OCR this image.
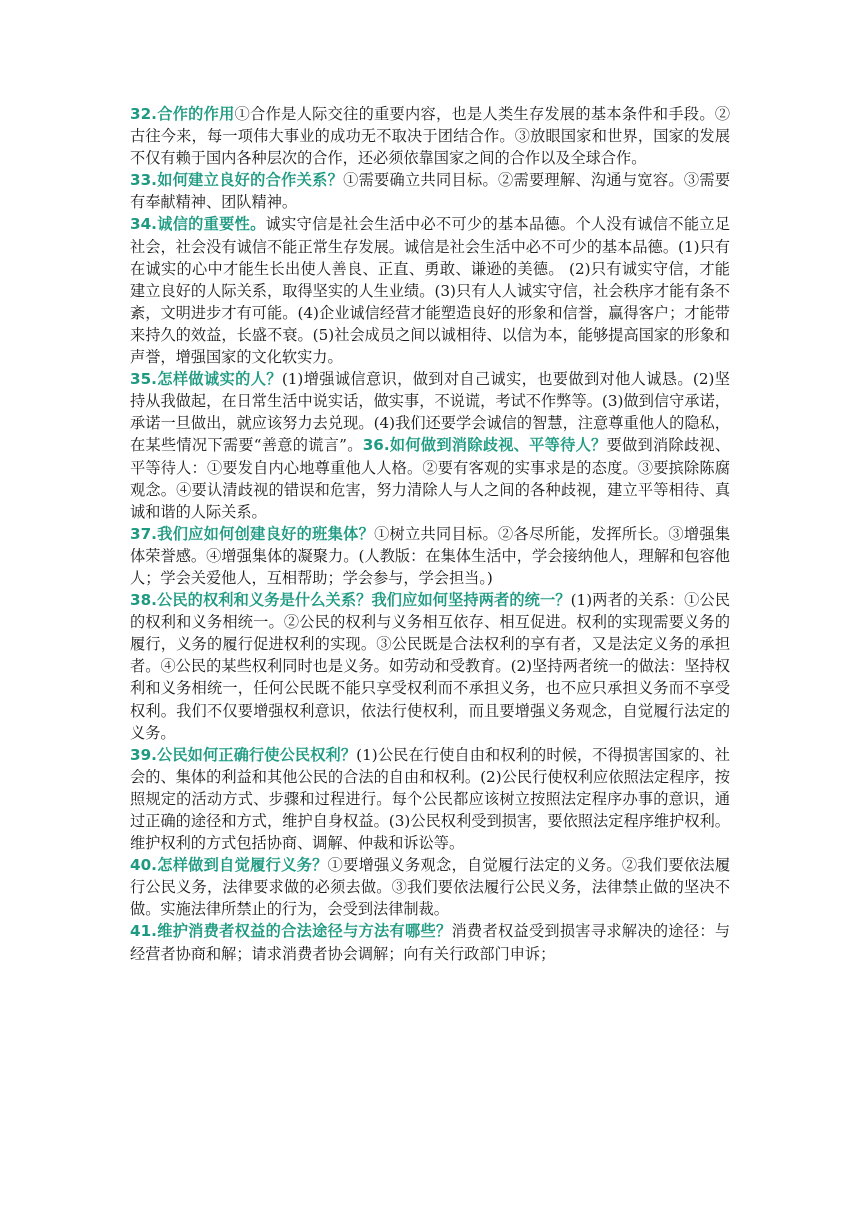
32.合作的作用①合作是人际交往的重要内容，也是人类生存发展的基本条件和手段。②古往今来，每一项伟大事业的成功无不取决于团结合作。③放眼国家和世界，国家的发展不仅有赖于国内各种层次的合作，还必须依靠国家之间的合作以及全球合作。

33.如何建立良好的合作关系？①需要确立共同目标。②需要理解、沟通与宽容。③需要有奉献精神、团队精神。

34.诚信的重要性。诚实守信是社会生活中必不可少的基本品德。个人没有诚信不能立足社会，社会没有诚信不能正常生存发展。诚信是社会生活中必不可少的基本品德。(1)只有在诚实的心中才能生长出使人善良、正直、勇敢、谦逊的美德。 (2)只有诚实守信，才能建立良好的人际关系，取得坚实的人生业绩。(3)只有人人诚实守信，社会秩序才能有条不紊，文明进步才有可能。(4)企业诚信经营才能塑造良好的形象和信誉，赢得客户；才能带来持久的效益，长盛不衰。(5)社会成员之间以诚相待、以信为本，能够提高国家的形象和声誉，增强国家的文化软实力。

35.怎样做诚实的人？(1)增强诚信意识，做到对自己诚实，也要做到对他人诚恳。(2)坚持从我做起，在日常生活中说实话，做实事，不说谎，考试不作弊等。(3)做到信守承诺，承诺一旦做出，就应该努力去兑现。(4)我们还要学会诚信的智慧，注意尊重他人的隐私，在某些情况下需要“善意的谎言”。36.如何做到消除歧视、平等待人？要做到消除歧视、平等待人：①要发自内心地尊重他人人格。②要有客观的实事求是的态度。③要摈除陈腐观念。④要认清歧视的错误和危害，努力清除人与人之间的各种歧视，建立平等相待、真诚和谐的人际关系。

37.我们应如何创建良好的班集体？①树立共同目标。②各尽所能，发挥所长。③增强集体荣誉感。④增强集体的凝聚力。(人教版：在集体生活中，学会接纳他人，理解和包容他人；学会关爱他人，互相帮助；学会参与，学会担当。)

38.公民的权利和义务是什么关系？我们应如何坚持两者的统一？(1)两者的关系：①公民的权利和义务相统一。②公民的权利与义务相互依存、相互促进。权利的实现需要义务的履行，义务的履行促进权利的实现。③公民既是合法权利的享有者，又是法定义务的承担者。④公民的某些权利同时也是义务。如劳动和受教育。(2)坚持两者统一的做法：坚持权利和义务相统一，任何公民既不能只享受权利而不承担义务，也不应只承担义务而不享受权利。我们不仅要增强权利意识，依法行使权利，而且要增强义务观念，自觉履行法定的义务。

39.公民如何正确行使公民权利？(1)公民在行使自由和权利的时候，不得损害国家的、社会的、集体的利益和其他公民的合法的自由和权利。(2)公民行使权利应依照法定程序，按照规定的活动方式、步骤和过程进行。每个公民都应该树立按照法定程序办事的意识，通过正确的途径和方式，维护自身权益。(3)公民权利受到损害，要依照法定程序维护权利。维护权利的方式包括协商、调解、仲裁和诉讼等。

40.怎样做到自觉履行义务？①要增强义务观念，自觉履行法定的义务。②我们要依法履行公民义务，法律要求做的必须去做。③我们要依法履行公民义务，法律禁止做的坚决不做。实施法律所禁止的行为，会受到法律制裁。

41.维护消费者权益的合法途径与方法有哪些？消费者权益受到损害寻求解决的途径：与经营者协商和解；请求消费者协会调解；向有关行政部门申诉；
